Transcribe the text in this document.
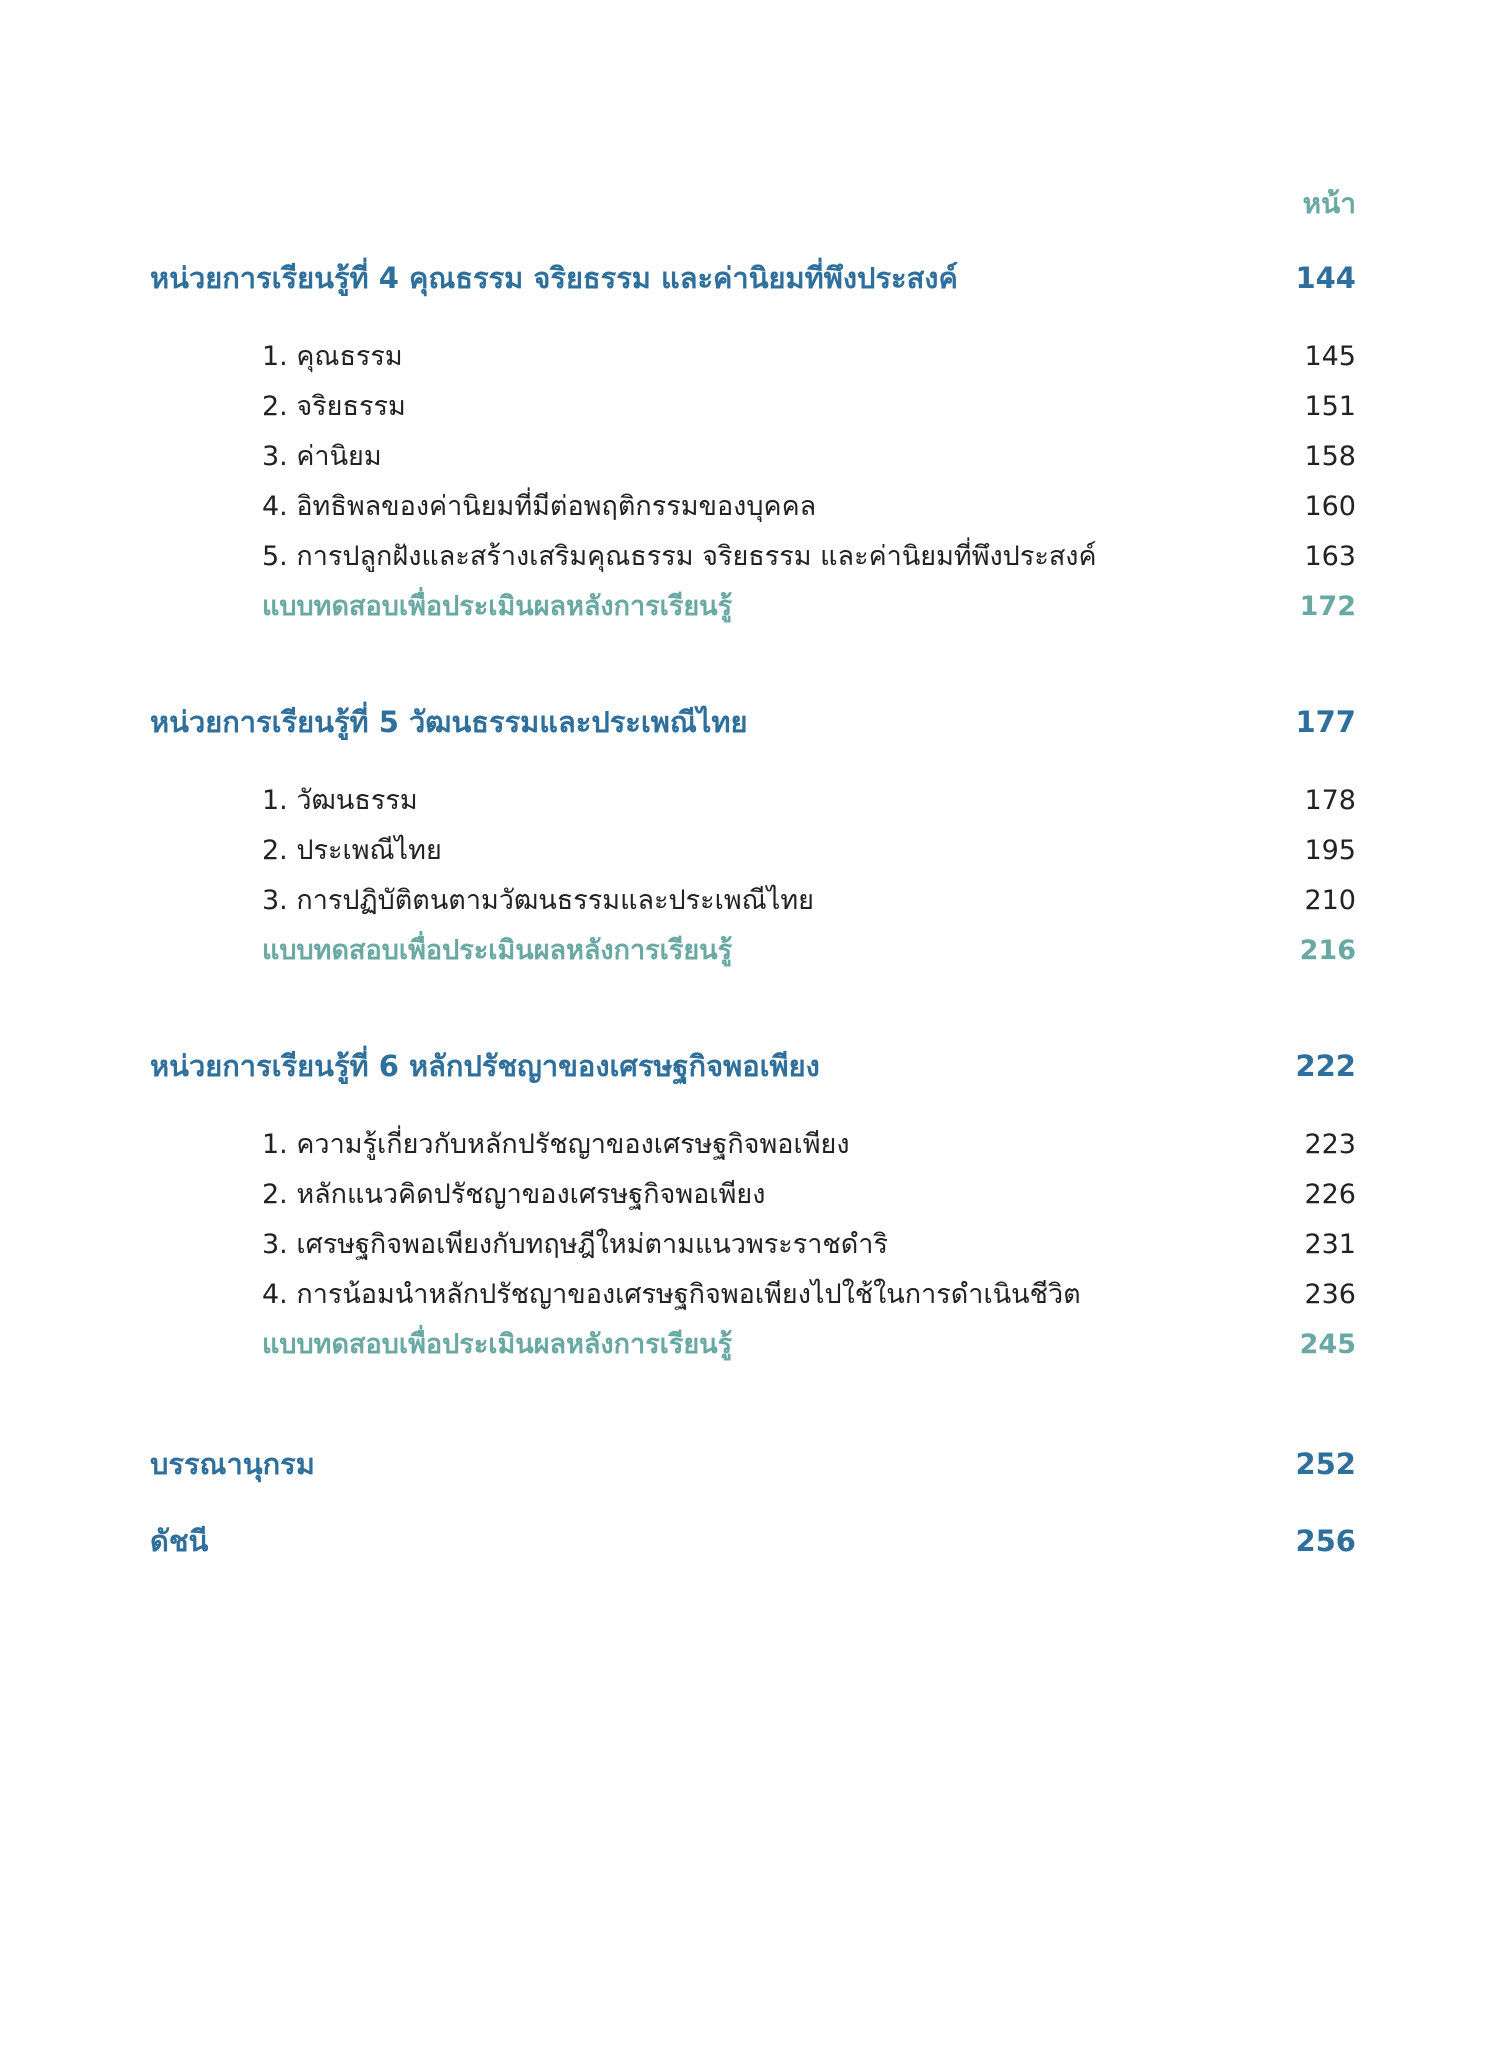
หน้า
หน่วยการเรียนรู้ที่ 4 คุณธรรม จริยธรรม และค่านิยมที่พึงประสงค์	144
1. คุณธรรม	145
2. จริยธรรม	151
3. ค่านิยม	158
4. อิทธิพลของค่านิยมที่มีต่อพฤติกรรมของบุคคล	160
5. การปลูกฝังและสร้างเสริมคุณธรรม จริยธรรม และค่านิยมที่พึงประสงค์	163
แบบทดสอบเพื่อประเมินผลหลังการเรียนรู้	172
หน่วยการเรียนรู้ที่ 5 วัฒนธรรมและประเพณีไทย	177
1. วัฒนธรรม	178
2. ประเพณีไทย	195
3. การปฏิบัติตนตามวัฒนธรรมและประเพณีไทย	210
แบบทดสอบเพื่อประเมินผลหลังการเรียนรู้	216
หน่วยการเรียนรู้ที่ 6 หลักปรัชญาของเศรษฐกิจพอเพียง	222
1. ความรู้เกี่ยวกับหลักปรัชญาของเศรษฐกิจพอเพียง	223
2. หลักแนวคิดปรัชญาของเศรษฐกิจพอเพียง	226
3. เศรษฐกิจพอเพียงกับทฤษฎีใหม่ตามแนวพระราชดำริ	231
4. การน้อมนำหลักปรัชญาของเศรษฐกิจพอเพียงไปใช้ในการดำเนินชีวิต	236
แบบทดสอบเพื่อประเมินผลหลังการเรียนรู้	245
บรรณานุกรม	252
ดัชนี	256
